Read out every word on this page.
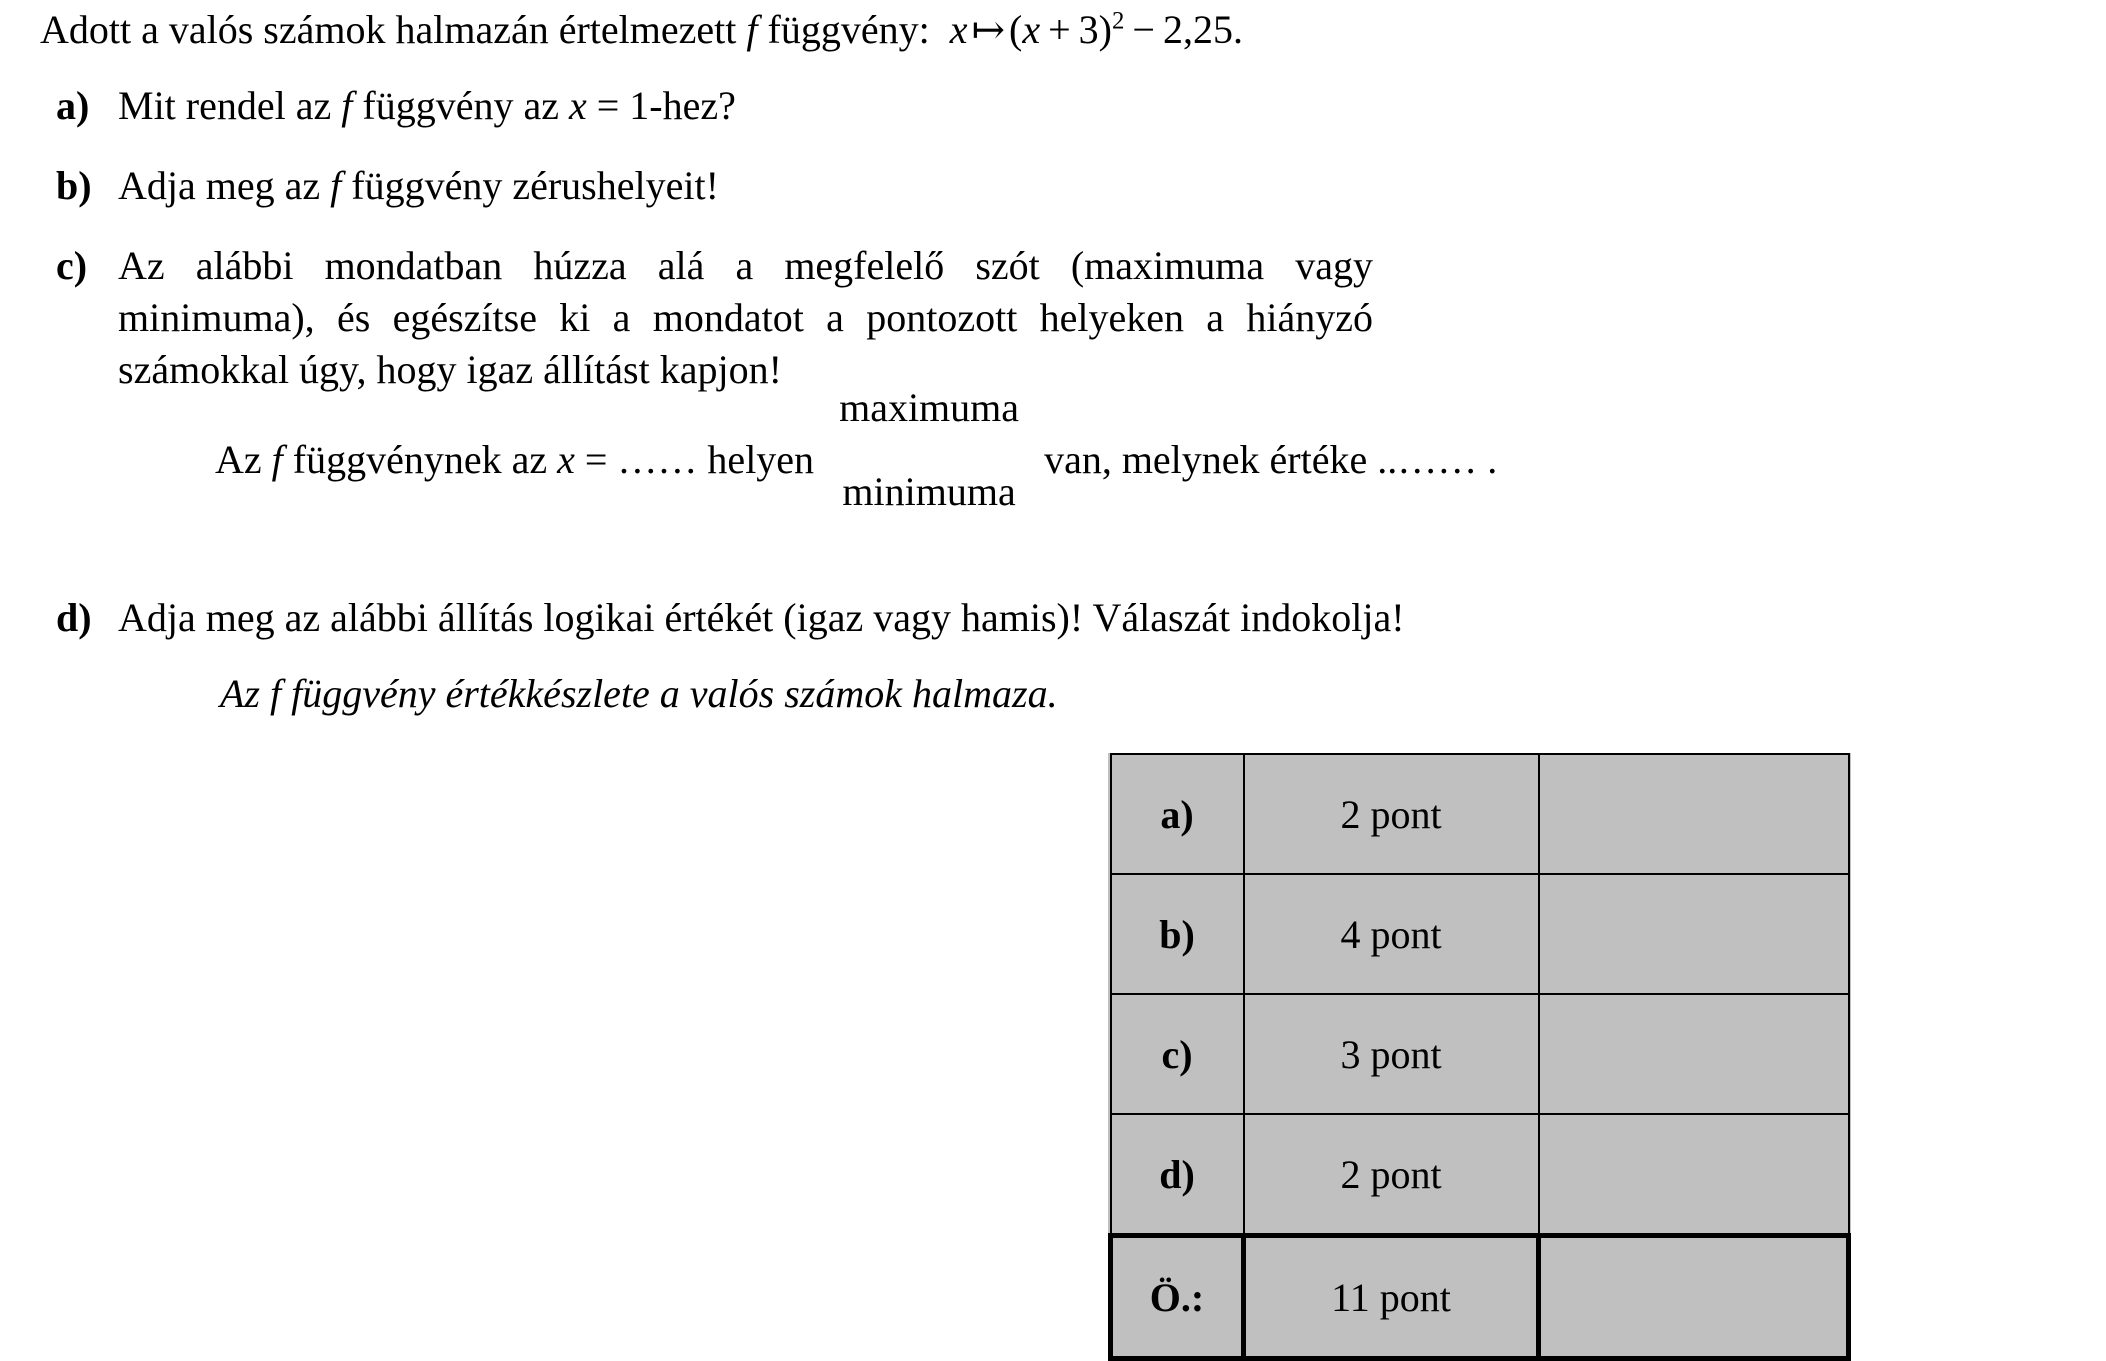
Adott a valós számok halmazán értelmezett f függvény: x ↦ $(x + 3)^2 - 2,25$.
a) Mit rendel az f függvény az x = 1-hez?
b) Adja meg az f függvény zérushelyeit!
c) Az alábbi mondatban húzza alá a megfelelő szót (maximuma vagy minimuma), és egészítse ki a mondatot a pontozott helyeken a hiányzó számokkal úgy, hogy igaz állítást kapjon!
Az f függvénynek az x = …… helyen
maximuma
minimuma
van, melynek értéke ..…… .
d) Adja meg az alábbi állítás logikai értékét (igaz vagy hamis)! Válaszát indokolja!
Az f függvény értékkészlete a valós számok halmaza.
a)	2 pont	
b)	4 pont	
c)	3 pont	
d)	2 pont	
Ö.:	11 pont	
